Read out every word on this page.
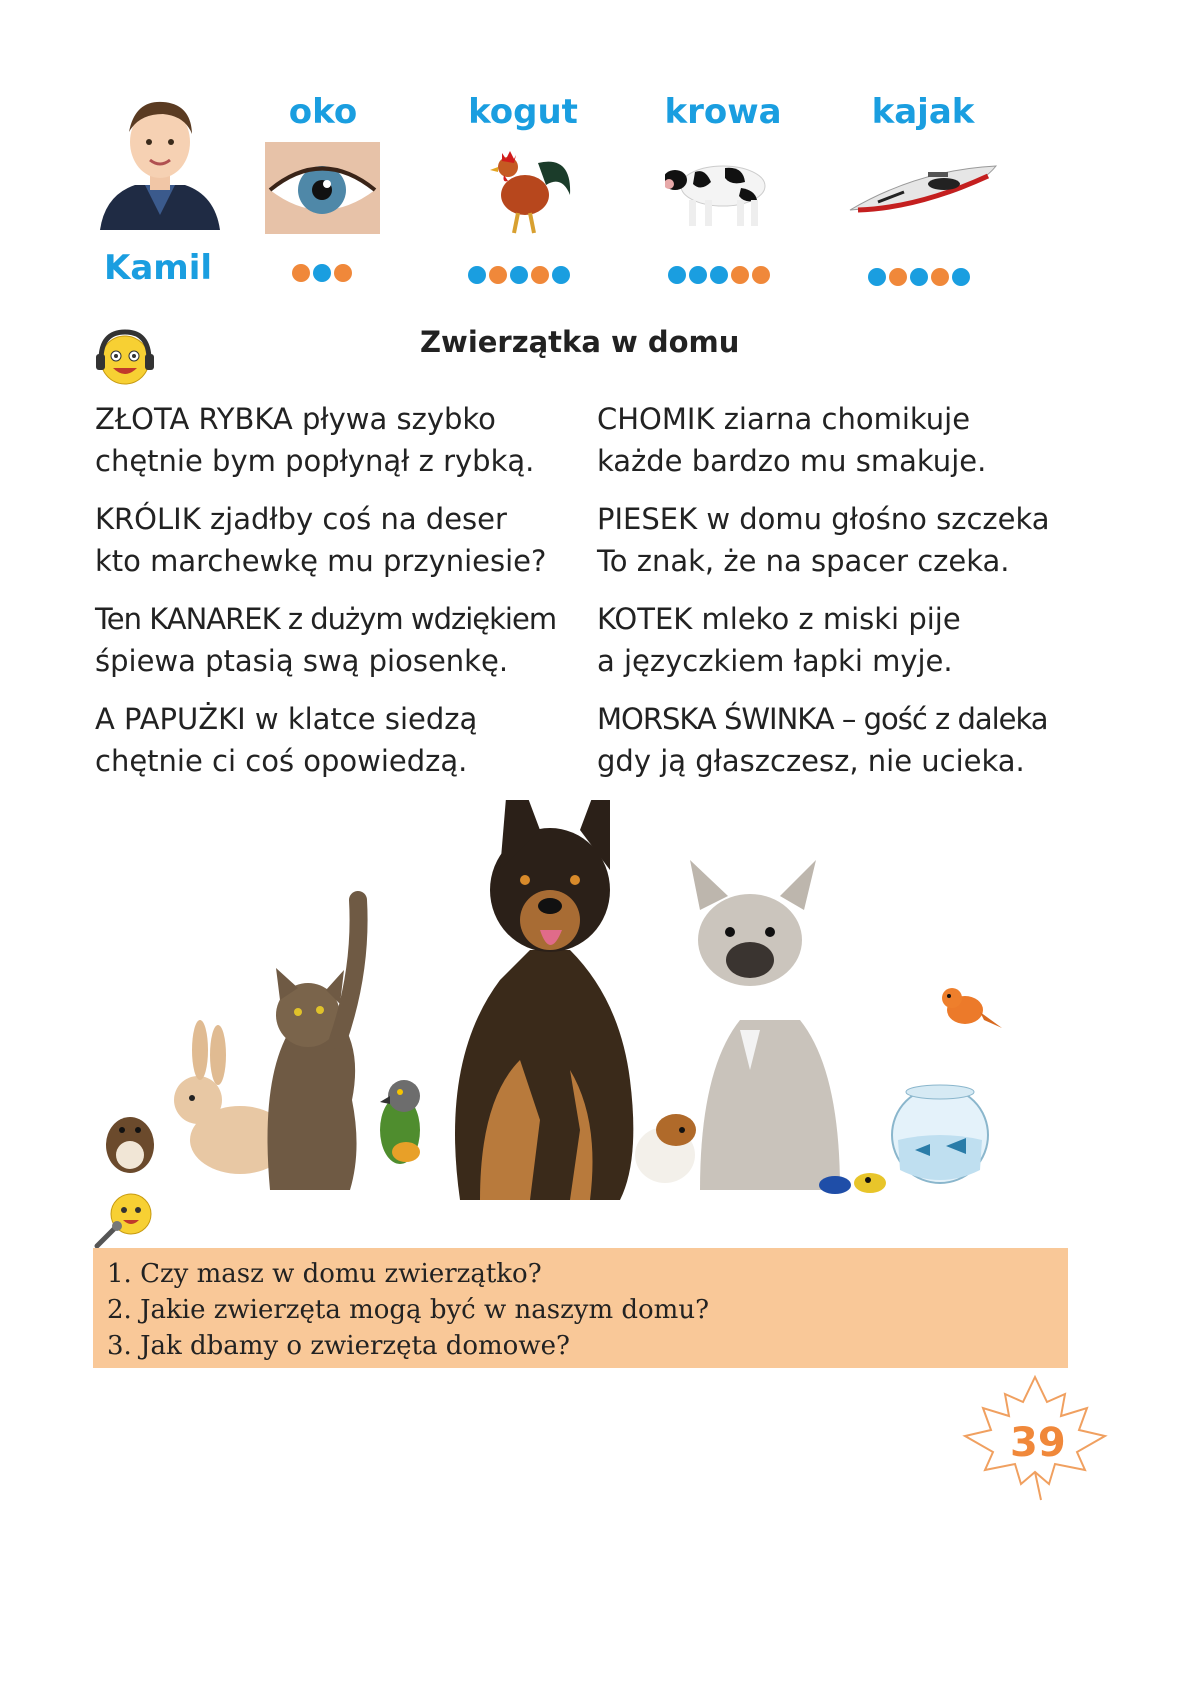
Kamil
oko	kogut	krowa	kajak
Zwierzątka w domu
ZŁOTA RYBKA pływa szybko
chętnie bym popłynął z rybką.
KRÓLIK zjadłby coś na deser
kto marchewkę mu przyniesie?
Ten KANAREK z dużym wdziękiem
śpiewa ptasią swą piosenkę.
A PAPUŻKI w klatce siedzą
chętnie ci coś opowiedzą.
CHOMIK ziarna chomikuje
każde bardzo mu smakuje.
PIESEK w domu głośno szczeka
To znak, że na spacer czeka.
KOTEK mleko z miski pije
a języczkiem łapki myje.
MORSKA ŚWINKA – gość z daleka
gdy ją głaszczesz, nie ucieka.
1. Czy masz w domu zwierzątko?
2. Jakie zwierzęta mogą być w naszym domu?
3. Jak dbamy o zwierzęta domowe?
39
